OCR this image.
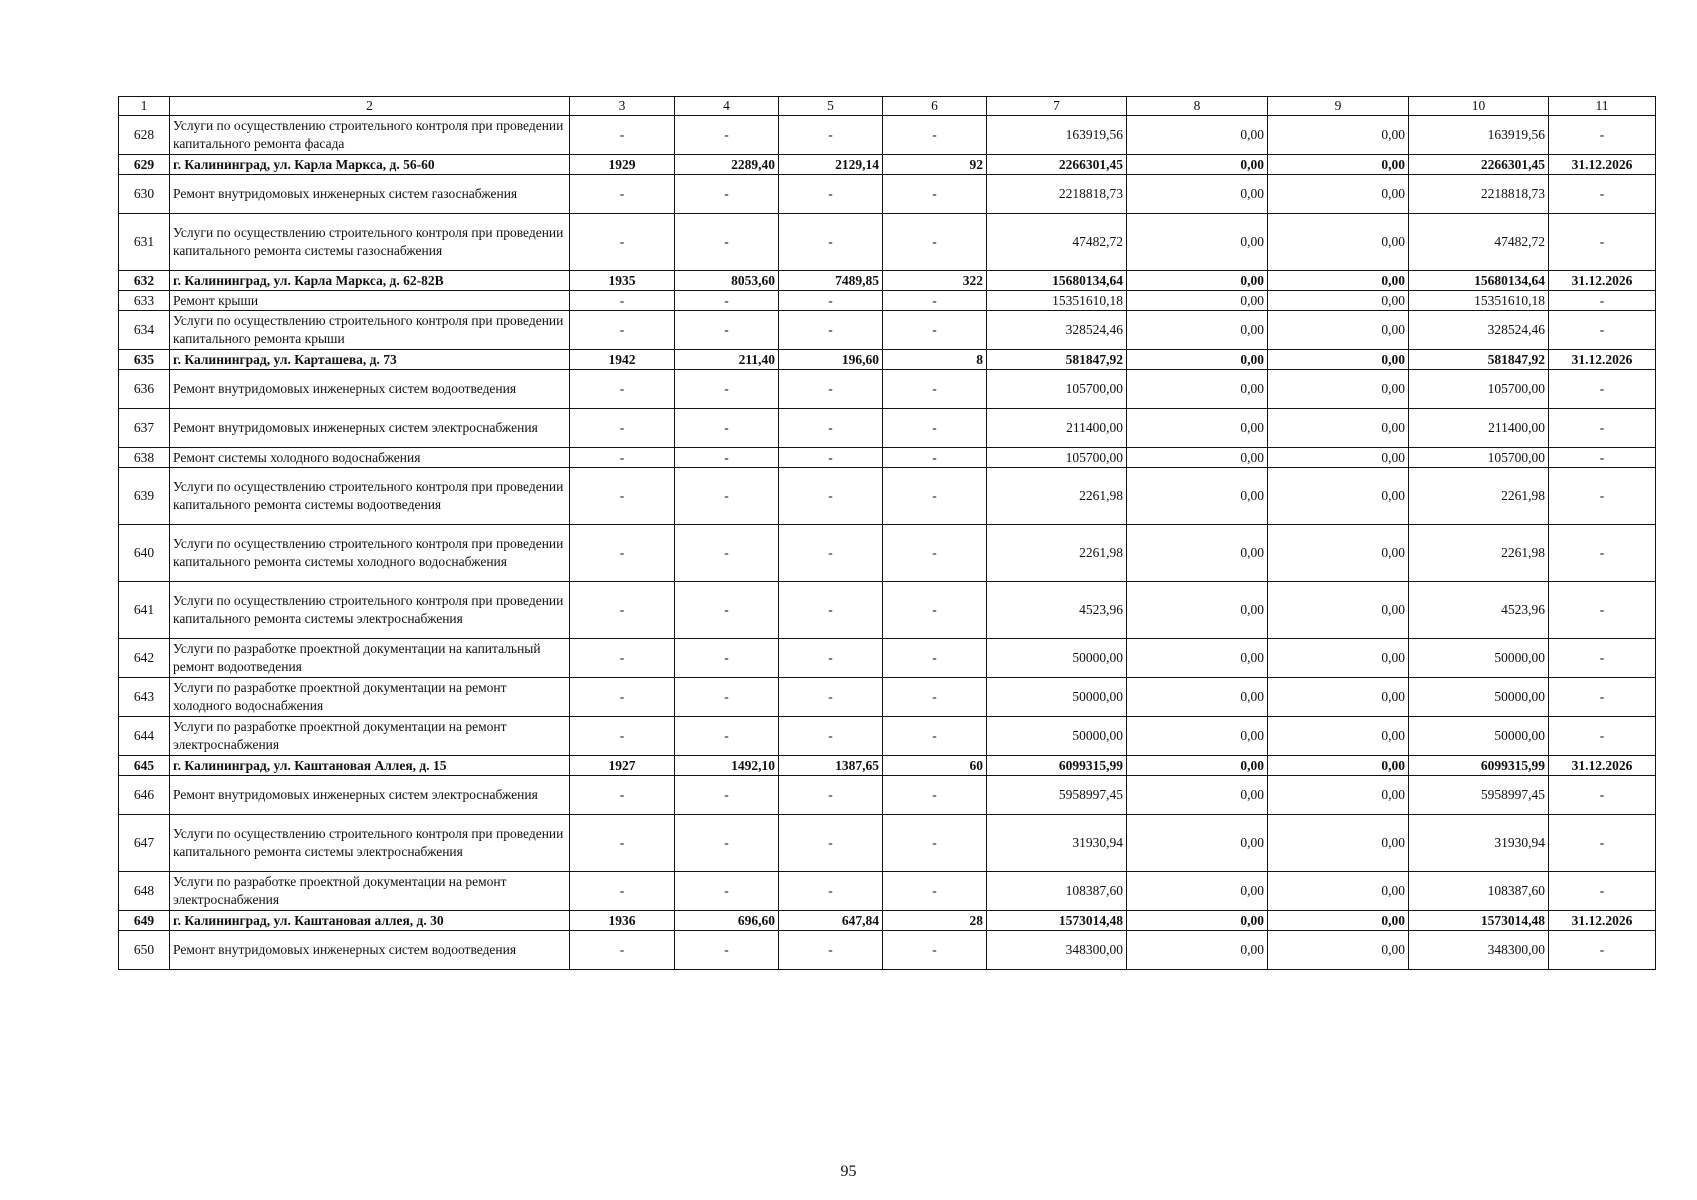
1	2	3	4	5	6	7	8	9	10	11
628	Услуги по осуществлению строительного контроля при проведении капитального ремонта фасада	-	-	-	-	163919,56	0,00	0,00	163919,56	-
629	г. Калининград, ул. Карла Маркса, д. 56-60	1929	2289,40	2129,14	92	2266301,45	0,00	0,00	2266301,45	31.12.2026
630	Ремонт внутридомовых инженерных систем газоснабжения	-	-	-	-	2218818,73	0,00	0,00	2218818,73	-
631	Услуги по осуществлению строительного контроля при проведении капитального ремонта системы газоснабжения	-	-	-	-	47482,72	0,00	0,00	47482,72	-
632	г. Калининград, ул. Карла Маркса, д. 62-82В	1935	8053,60	7489,85	322	15680134,64	0,00	0,00	15680134,64	31.12.2026
633	Ремонт крыши	-	-	-	-	15351610,18	0,00	0,00	15351610,18	-
634	Услуги по осуществлению строительного контроля при проведении капитального ремонта крыши	-	-	-	-	328524,46	0,00	0,00	328524,46	-
635	г. Калининград, ул. Карташева, д. 73	1942	211,40	196,60	8	581847,92	0,00	0,00	581847,92	31.12.2026
636	Ремонт внутридомовых инженерных систем водоотведения	-	-	-	-	105700,00	0,00	0,00	105700,00	-
637	Ремонт внутридомовых инженерных систем электроснабжения	-	-	-	-	211400,00	0,00	0,00	211400,00	-
638	Ремонт системы холодного водоснабжения	-	-	-	-	105700,00	0,00	0,00	105700,00	-
639	Услуги по осуществлению строительного контроля при проведении капитального ремонта системы водоотведения	-	-	-	-	2261,98	0,00	0,00	2261,98	-
640	Услуги по осуществлению строительного контроля при проведении капитального ремонта системы холодного водоснабжения	-	-	-	-	2261,98	0,00	0,00	2261,98	-
641	Услуги по осуществлению строительного контроля при проведении капитального ремонта системы электроснабжения	-	-	-	-	4523,96	0,00	0,00	4523,96	-
642	Услуги по разработке проектной документации на капитальный ремонт водоотведения	-	-	-	-	50000,00	0,00	0,00	50000,00	-
643	Услуги по разработке проектной документации на ремонт холодного водоснабжения	-	-	-	-	50000,00	0,00	0,00	50000,00	-
644	Услуги по разработке проектной документации на ремонт электроснабжения	-	-	-	-	50000,00	0,00	0,00	50000,00	-
645	г. Калининград, ул. Каштановая Аллея, д. 15	1927	1492,10	1387,65	60	6099315,99	0,00	0,00	6099315,99	31.12.2026
646	Ремонт внутридомовых инженерных систем электроснабжения	-	-	-	-	5958997,45	0,00	0,00	5958997,45	-
647	Услуги по осуществлению строительного контроля при проведении капитального ремонта системы электроснабжения	-	-	-	-	31930,94	0,00	0,00	31930,94	-
648	Услуги по разработке проектной документации на ремонт электроснабжения	-	-	-	-	108387,60	0,00	0,00	108387,60	-
649	г. Калининград, ул. Каштановая аллея, д. 30	1936	696,60	647,84	28	1573014,48	0,00	0,00	1573014,48	31.12.2026
650	Ремонт внутридомовых инженерных систем водоотведения	-	-	-	-	348300,00	0,00	0,00	348300,00	-
95
